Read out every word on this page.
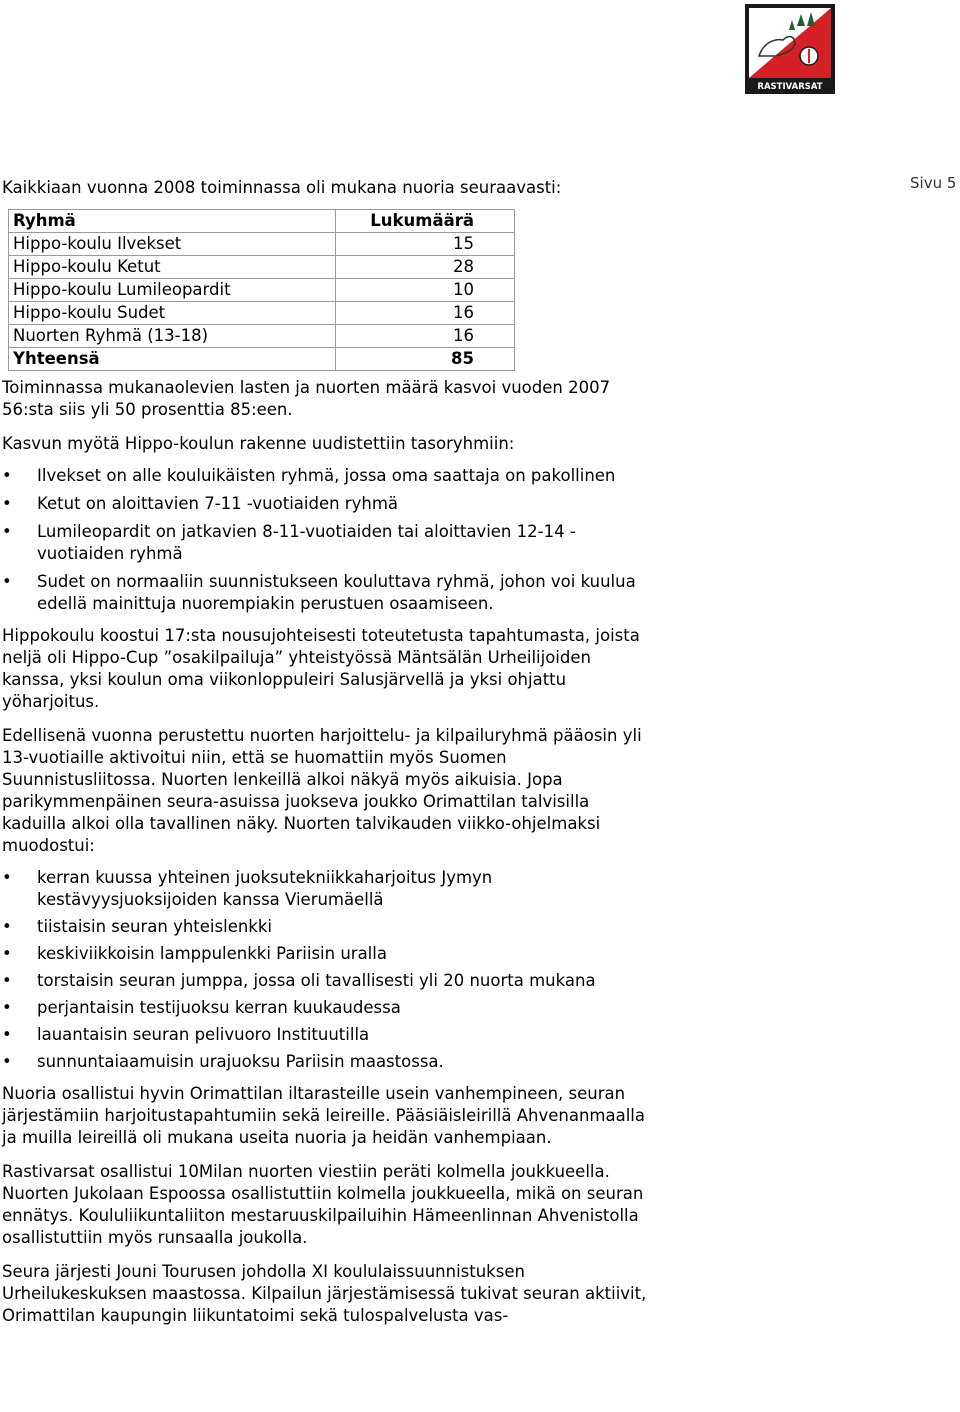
RASTIVARSAT
Sivu 5

Kaikkiaan vuonna 2008 toiminnassa oli mukana nuoria seuraavasti:

Ryhmä	Lukumäärä
Hippo-koulu Ilvekset	15
Hippo-koulu Ketut	28
Hippo-koulu Lumileopardit	10
Hippo-koulu Sudet	16
Nuorten Ryhmä (13-18)	16
Yhteensä	85

Toiminnassa mukanaolevien lasten ja nuorten määrä kasvoi vuoden 2007 56:sta siis yli 50 prosenttia 85:een.

Kasvun myötä Hippo-koulun rakenne uudistettiin tasoryhmiin:

• Ilvekset on alle kouluikäisten ryhmä, jossa oma saattaja on pakollinen
• Ketut on aloittavien 7-11 -vuotiaiden ryhmä
• Lumileopardit on jatkavien 8-11-vuotiaiden tai aloittavien 12-14 -vuotiaiden ryhmä
• Sudet on normaaliin suunnistukseen kouluttava ryhmä, johon voi kuulua edellä mainittuja nuorempiakin perustuen osaamiseen.

Hippokoulu koostui 17:sta nousujohteisesti toteutetusta tapahtumasta, joista neljä oli Hippo-Cup ”osakilpailuja” yhteistyössä Mäntsälän Urheilijoiden kanssa, yksi koulun oma viikonloppuleiri Salusjärvellä ja yksi ohjattu yöharjoitus.

Edellisenä vuonna perustettu nuorten harjoittelu- ja kilpailuryhmä pääosin yli 13-vuotiaille aktivoitui niin, että se huomattiin myös Suomen Suunnistusliitossa. Nuorten lenkeillä alkoi näkyä myös aikuisia. Jopa parikymmenpäinen seura-asuissa juokseva joukko Orimattilan talvisilla kaduilla alkoi olla tavallinen näky. Nuorten talvikauden viikko-ohjelmaksi muodostui:

• kerran kuussa yhteinen juoksutekniikkaharjoitus Jymyn kestävyysjuoksijoiden kanssa Vierumäellä
• tiistaisin seuran yhteislenkki
• keskiviikkoisin lamppulenkki Pariisin uralla
• torstaisin seuran jumppa, jossa oli tavallisesti yli 20 nuorta mukana
• perjantaisin testijuoksu kerran kuukaudessa
• lauantaisin seuran pelivuoro Instituutilla
• sunnuntaiaamuisin urajuoksu Pariisin maastossa.

Nuoria osallistui hyvin Orimattilan iltarasteille usein vanhempineen, seuran järjestämiin harjoitustapahtumiin sekä leireille. Pääsiäisleirillä Ahvenanmaalla ja muilla leireillä oli mukana useita nuoria ja heidän vanhempiaan.

Rastivarsat osallistui 10Milan nuorten viestiin peräti kolmella joukkueella. Nuorten Jukolaan Espoossa osallistuttiin kolmella joukkueella, mikä on seuran ennätys. Koululiikuntaliiton mestaruuskilpailuihin Hämeenlinnan Ahvenistolla osallistuttiin myös runsaalla joukolla.

Seura järjesti Jouni Tourusen johdolla XI koululaissuunnistuksen Urheilukeskuksen maastossa. Kilpailun järjestämisessä tukivat seuran aktiivit, Orimattilan kaupungin liikuntatoimi sekä tulospalvelusta vas-
